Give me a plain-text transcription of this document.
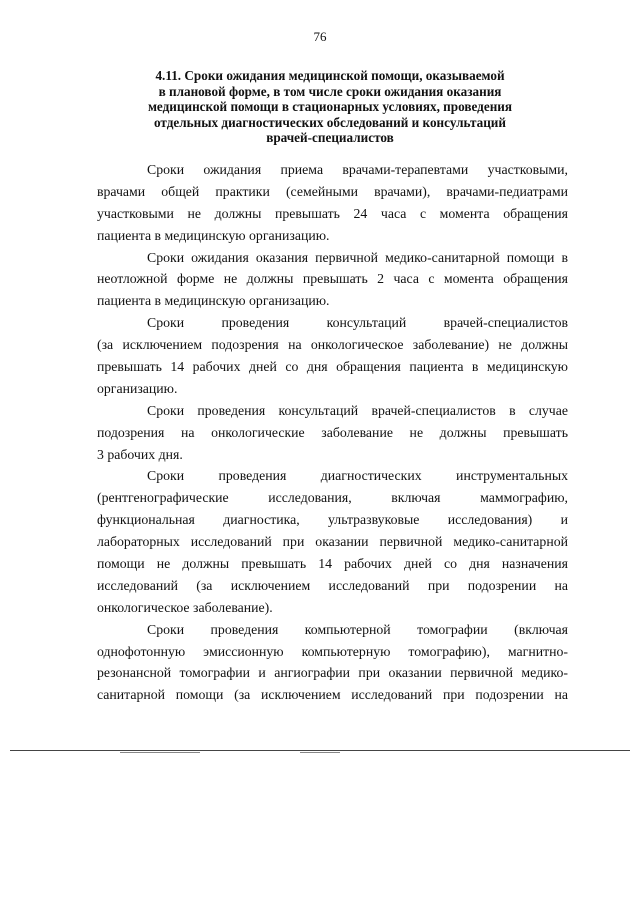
76
4.11. Сроки ожидания медицинской помощи, оказываемой
в плановой форме, в том числе сроки ожидания оказания
медицинской помощи в стационарных условиях, проведения
отдельных диагностических обследований и консультаций
врачей-специалистов
Сроки ожидания приема врачами-терапевтами участковыми,
врачами общей практики (семейными врачами), врачами-педиатрами
участковыми не должны превышать 24 часа с момента обращения
пациента в медицинскую организацию.
Сроки ожидания оказания первичной медико-санитарной помощи в
неотложной форме не должны превышать 2 часа с момента обращения
пациента в медицинскую организацию.
Сроки проведения консультаций врачей-специалистов
(за исключением подозрения на онкологическое заболевание) не должны
превышать 14 рабочих дней со дня обращения пациента в медицинскую
организацию.
Сроки проведения консультаций врачей-специалистов в случае
подозрения на онкологические заболевание не должны превышать
3 рабочих дня.
Сроки проведения диагностических инструментальных
(рентгенографические исследования, включая маммографию,
функциональная диагностика, ультразвуковые исследования) и
лабораторных исследований при оказании первичной медико-санитарной
помощи не должны превышать 14 рабочих дней со дня назначения
исследований (за исключением исследований при подозрении на
онкологическое заболевание).
Сроки проведения компьютерной томографии (включая
однофотонную эмиссионную компьютерную томографию), магнитно-
резонансной томографии и ангиографии при оказании первичной медико-
санитарной помощи (за исключением исследований при подозрении на
